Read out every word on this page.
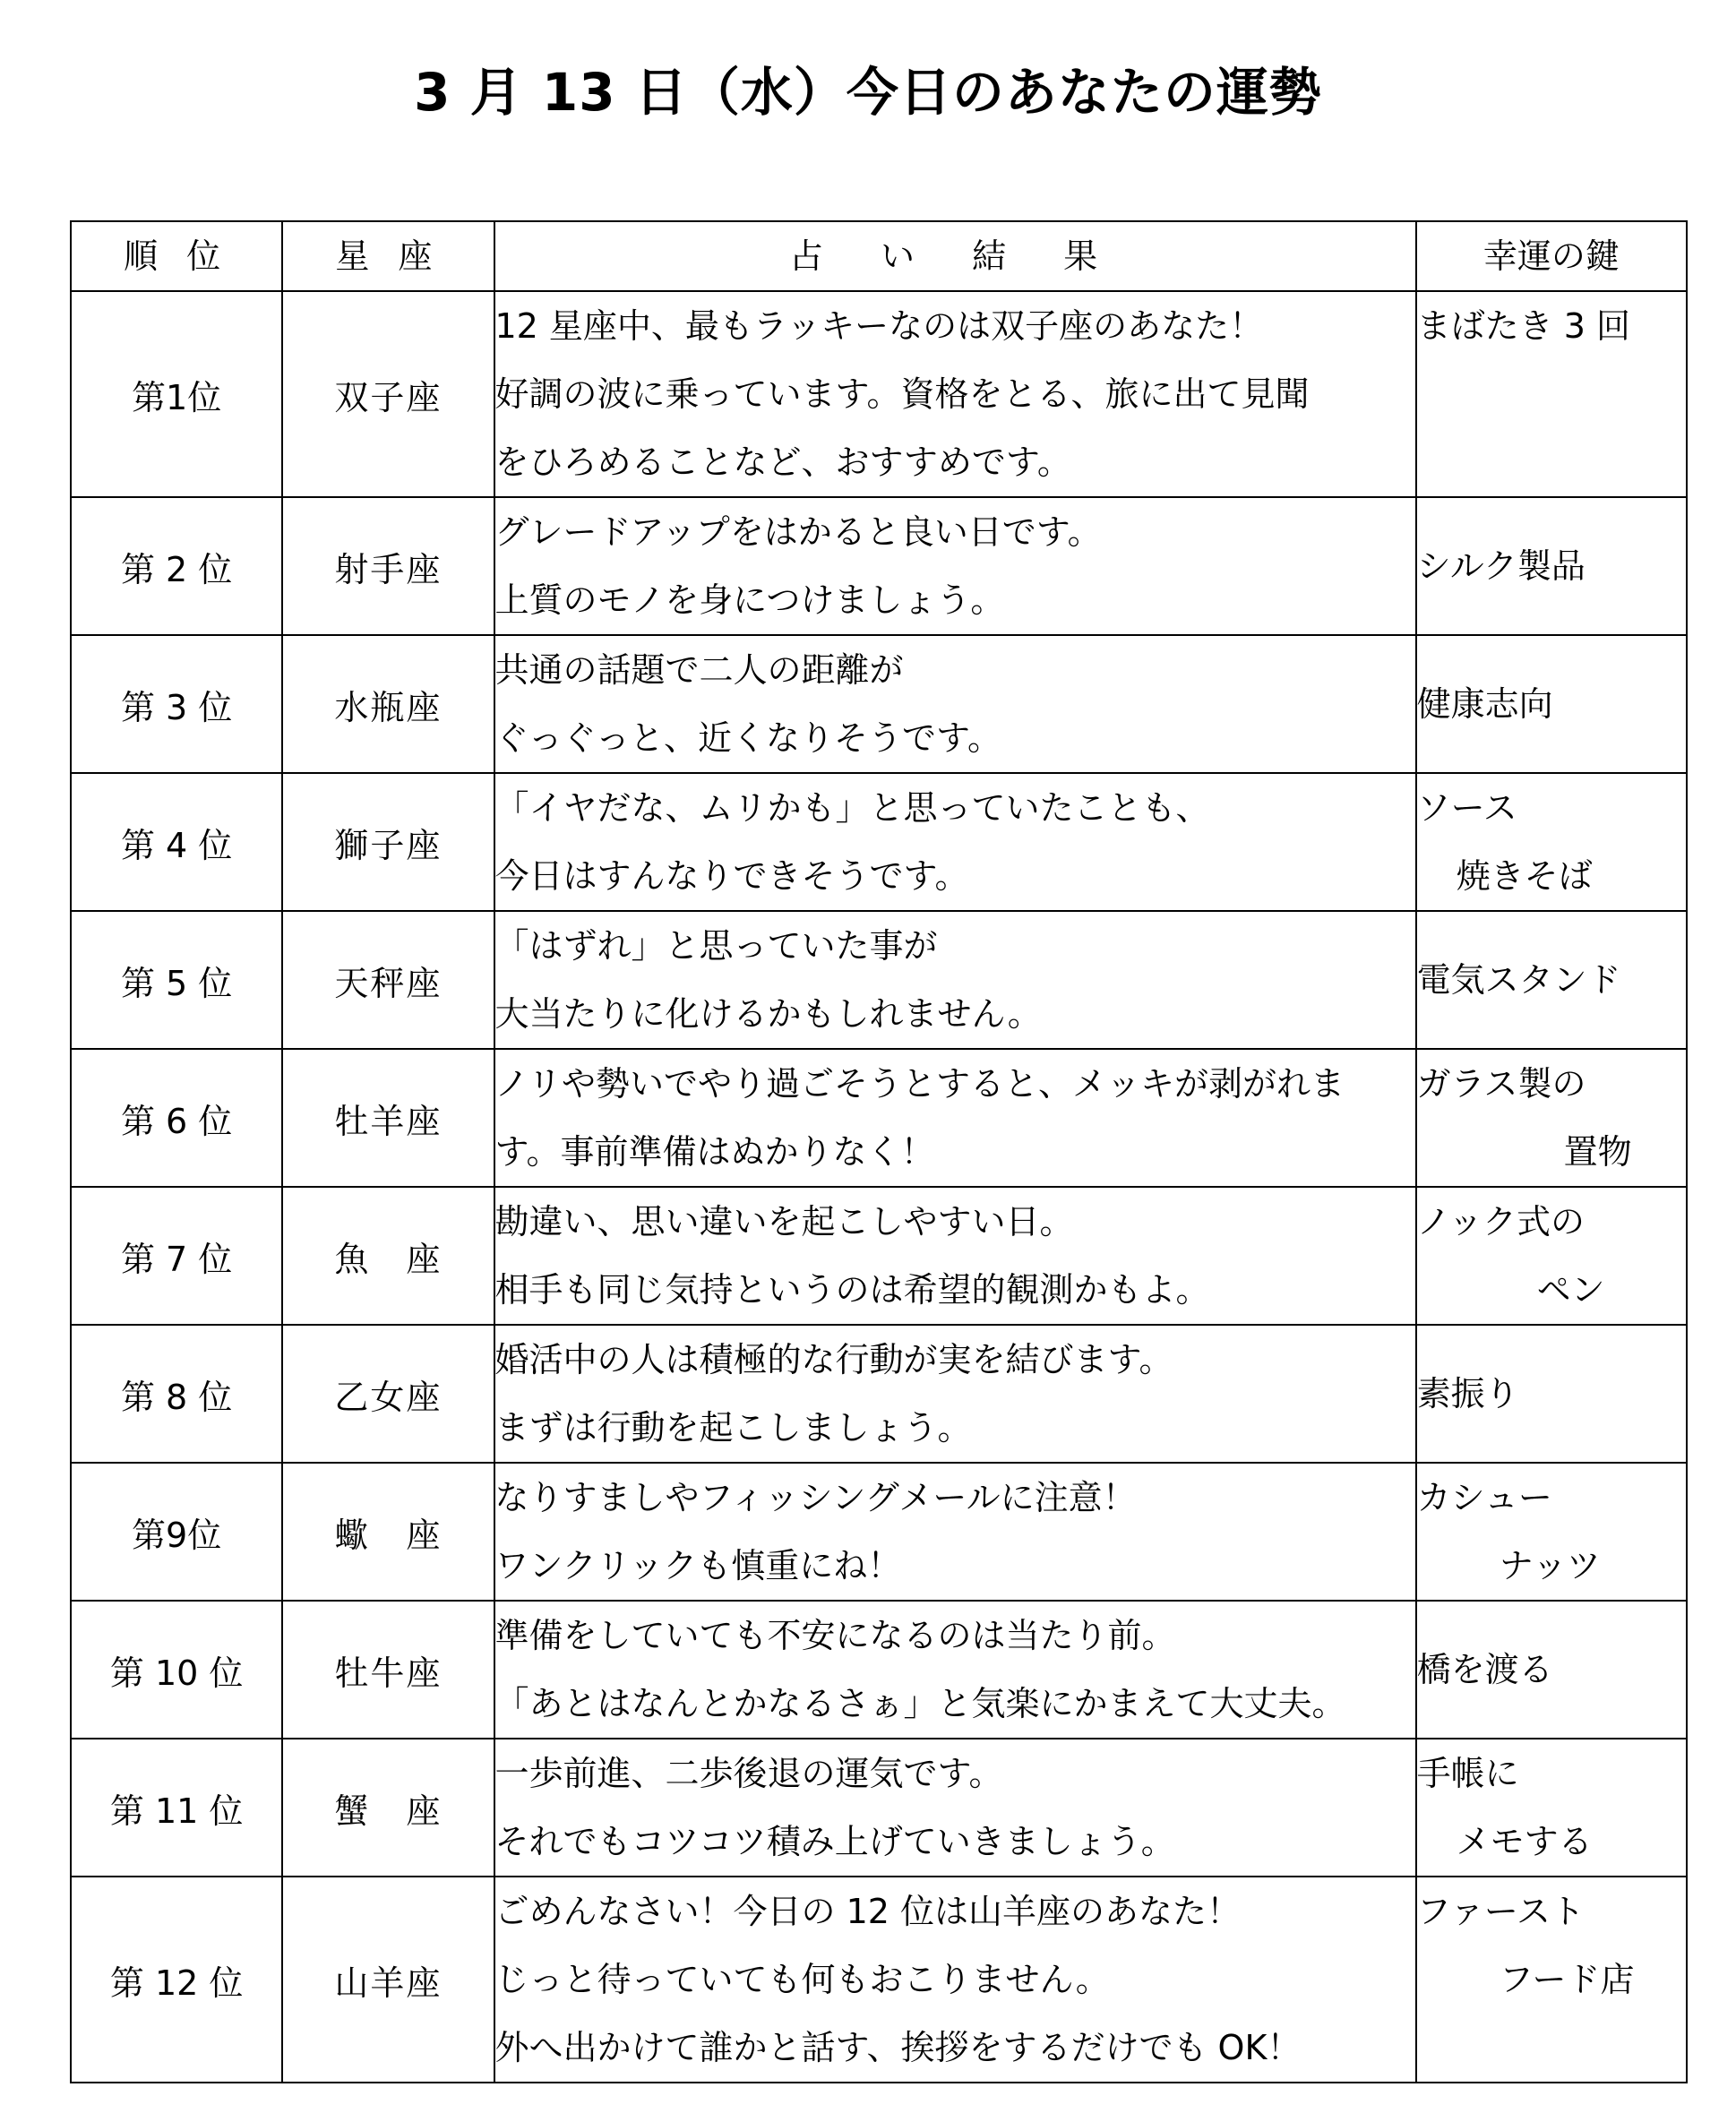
3 月 13 日（水）今日のあなたの運勢
順 位	星 座	占 い 結 果	幸運の鍵
第1位	双子座	12 星座中、最もラッキーなのは双子座のあなた！
好調の波に乗っています。資格をとる、旅に出て見聞
をひろめることなど、おすすめです。	まばたき 3 回

第 2 位	射手座	グレードアップをはかると良い日です。
上質のモノを身につけましょう。	シルク製品

第 3 位	水瓶座	共通の話題で二人の距離が
ぐっぐっと、近くなりそうです。	健康志向

第 4 位	獅子座	「イヤだな、ムリかも」と思っていたことも、
今日はすんなりできそうです。	ソース
焼きそば

第 5 位	天秤座	「はずれ」と思っていた事が
大当たりに化けるかもしれません。	電気スタンド

第 6 位	牡羊座	ノリや勢いでやり過ごそうとすると、メッキが剥がれま
す。事前準備はぬかりなく！	ガラス製の
置物

第 7 位	魚　座	勘違い、思い違いを起こしやすい日。
相手も同じ気持というのは希望的観測かもよ。	ノック式の
ペン

第 8 位	乙女座	婚活中の人は積極的な行動が実を結びます。
まずは行動を起こしましょう。	素振り

第9位	蠍　座	なりすましやフィッシングメールに注意！
ワンクリックも慎重にね！	カシュー
ナッツ

第 10 位	牡牛座	準備をしていても不安になるのは当たり前。
「あとはなんとかなるさぁ」と気楽にかまえて大丈夫。	橋を渡る

第 11 位	蟹　座	一歩前進、二歩後退の運気です。
それでもコツコツ積み上げていきましょう。	手帳に
メモする

第 12 位	山羊座	ごめんなさい！今日の 12 位は山羊座のあなた！
じっと待っていても何もおこりません。
外へ出かけて誰かと話す、挨拶をするだけでも OK！	ファースト
フード店
